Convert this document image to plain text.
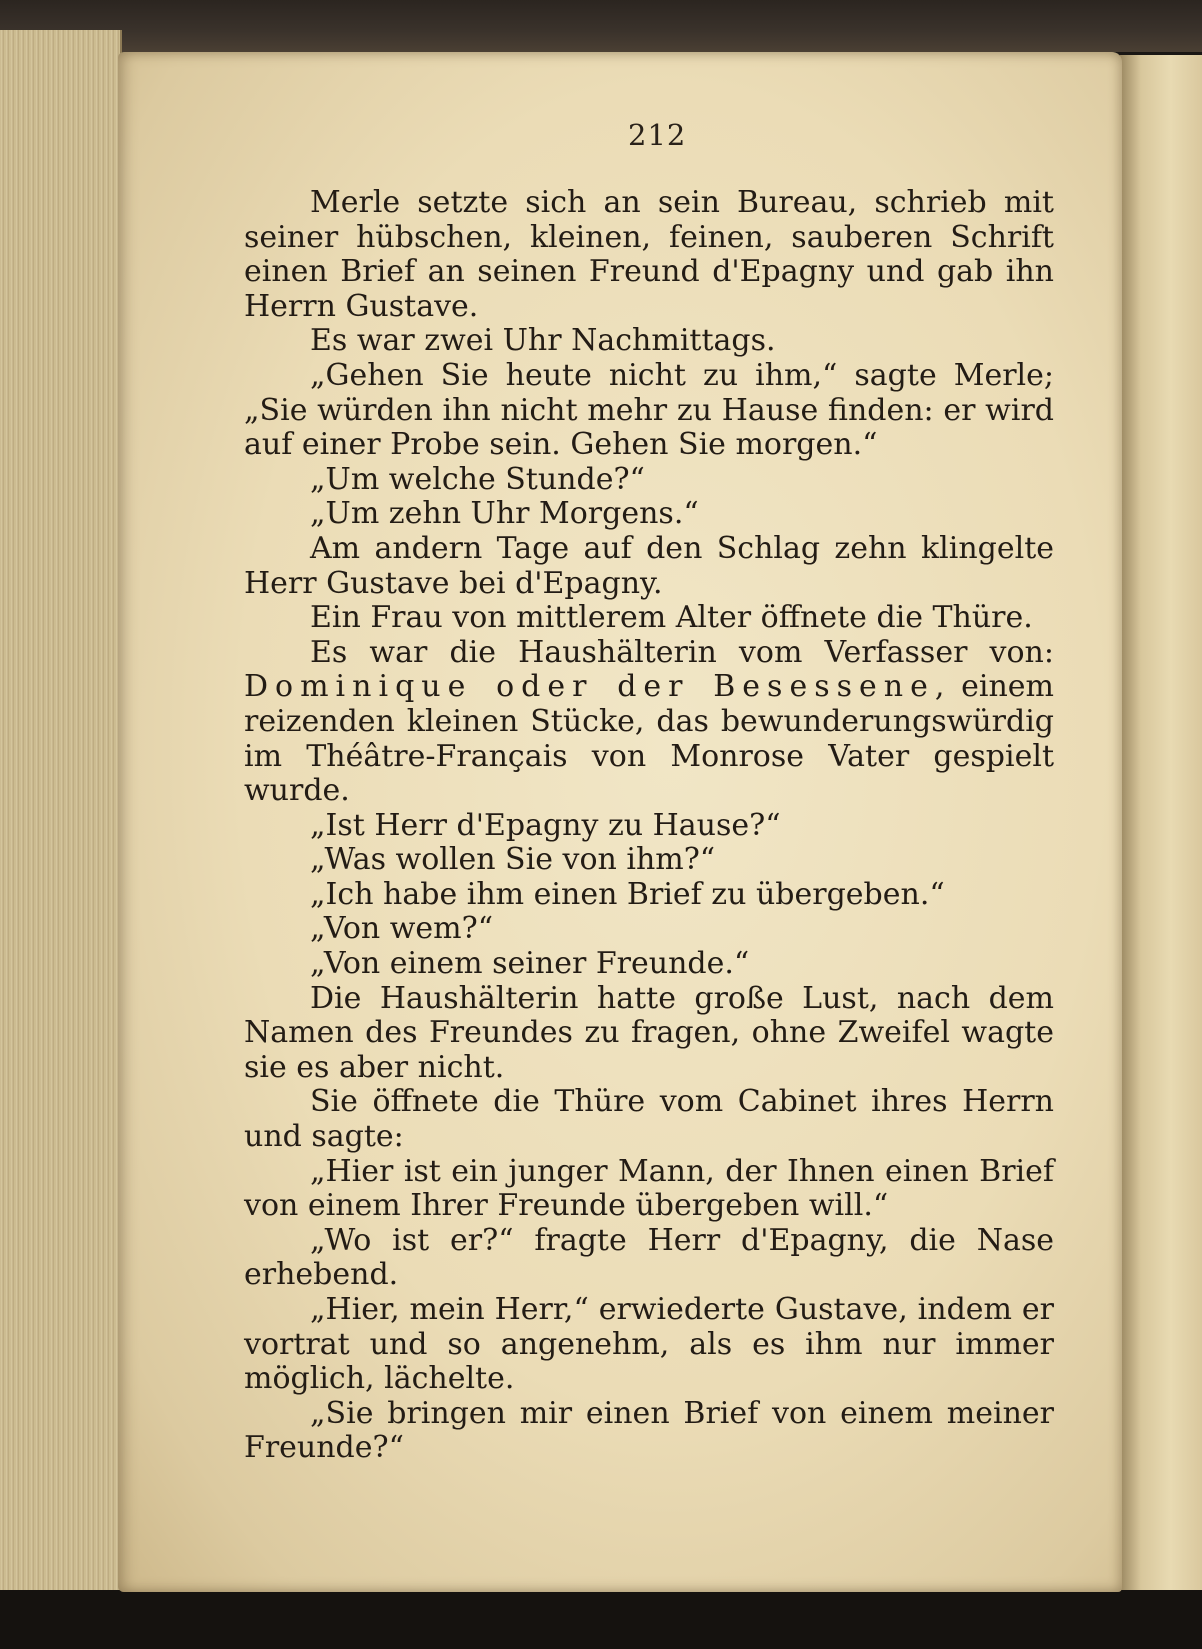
212

Merle setzte sich an sein Bureau, schrieb mit seiner hübschen, kleinen, feinen, sauberen Schrift einen Brief an seinen Freund d'Epagny und gab ihn Herrn Gustave.

Es war zwei Uhr Nachmittags.

„Gehen Sie heute nicht zu ihm,“ sagte Merle; „Sie würden ihn nicht mehr zu Hause finden: er wird auf einer Probe sein. Gehen Sie morgen.“

„Um welche Stunde?“

„Um zehn Uhr Morgens.“

Am andern Tage auf den Schlag zehn klingelte Herr Gustave bei d'Epagny.

Ein Frau von mittlerem Alter öffnete die Thüre.

Es war die Haushälterin vom Verfasser von: Dominique oder der Besessene, einem reizenden kleinen Stücke, das bewunderungswürdig im Théâtre-Français von Monrose Vater gespielt wurde.

„Ist Herr d'Epagny zu Hause?“

„Was wollen Sie von ihm?“

„Ich habe ihm einen Brief zu übergeben.“

„Von wem?“

„Von einem seiner Freunde.“

Die Haushälterin hatte große Lust, nach dem Namen des Freundes zu fragen, ohne Zweifel wagte sie es aber nicht.

Sie öffnete die Thüre vom Cabinet ihres Herrn und sagte:

„Hier ist ein junger Mann, der Ihnen einen Brief von einem Ihrer Freunde übergeben will.“

„Wo ist er?“ fragte Herr d'Epagny, die Nase erhebend.

„Hier, mein Herr,“ erwiederte Gustave, indem er vortrat und so angenehm, als es ihm nur immer möglich, lächelte.

„Sie bringen mir einen Brief von einem meiner Freunde?“
